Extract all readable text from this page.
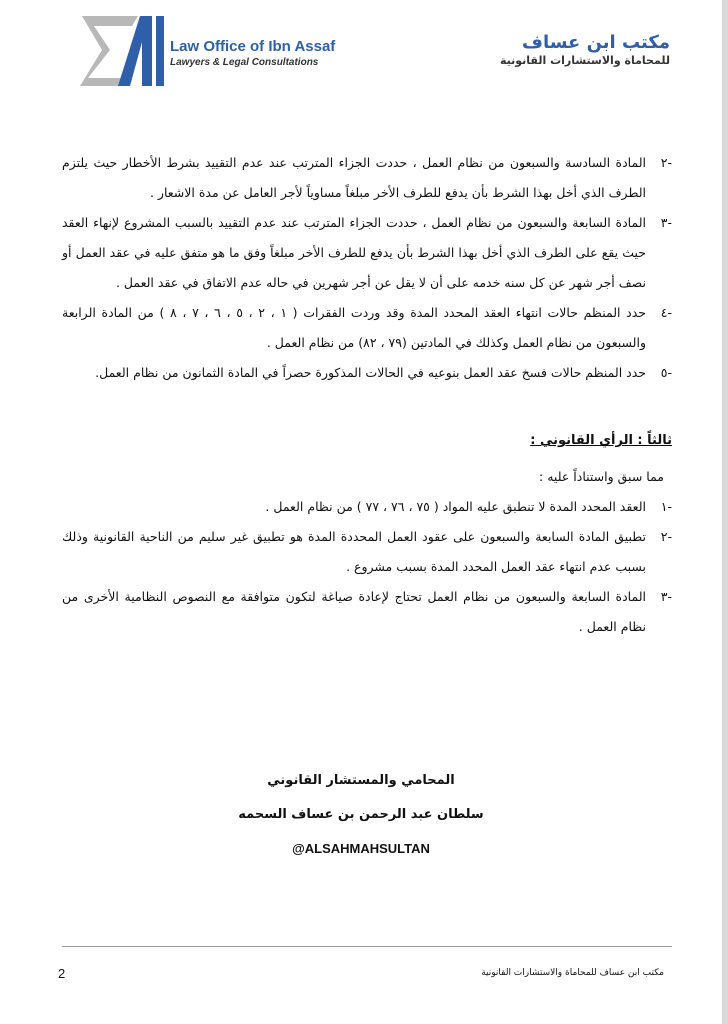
Law Office of Ibn Assaf
Lawyers & Legal Consultations
مكتب ابن عساف
للمحاماة والاستشارات القانونية
-٢
المادة السادسة والسبعون من نظام العمل ، حددت الجزاء المترتب عند عدم التقييد بشرط الأخطار حيث يلتزم الطرف الذي أخل بهذا الشرط بأن يدفع للطرف الأخر مبلغاً مساوياً لأجر العامل عن مدة الاشعار .
-٣
المادة السابعة والسبعون من نظام العمل ، حددت الجزاء المترتب عند عدم التقييد بالسبب المشروع لإنهاء العقد حيث يقع على الطرف الذي أخل بهذا الشرط بأن يدفع للطرف الأخر مبلغاً وفق ما هو متفق عليه في عقد العمل أو نصف أجر شهر عن كل سنه خدمه على أن لا يقل عن أجر شهرين في حاله عدم الاتفاق في عقد العمل .
-٤
حدد المنظم حالات انتهاء العقد المحدد المدة وقد وردت الفقرات ( ١ ، ٢ ، ٥ ، ٦ ، ٧ ، ٨ ) من المادة الرابعة والسبعون من نظام العمل وكذلك في المادتين (٧٩ ، ٨٢) من نظام العمل .
-٥
حدد المنظم حالات فسخ عقد العمل بنوعيه في الحالات المذكورة حصراً في المادة الثمانون من نظام العمل.
ثالثاً : الرأي القانوني :
مما سبق واستناداً عليه :
-١
العقد المحدد المدة لا تنطبق عليه المواد ( ٧٥ ، ٧٦ ، ٧٧ ) من نظام العمل .
-٢
تطبيق المادة السابعة والسبعون على عقود العمل المحددة المدة هو تطبيق غير سليم من الناحية القانونية وذلك بسبب عدم انتهاء عقد العمل المحدد المدة بسبب مشروع .
-٣
المادة السابعة والسبعون من نظام العمل تحتاج لإعادة صياغة لتكون متوافقة مع النصوص النظامية الأخرى من نظام العمل .
المحامي والمستشار القانوني
سلطان عبد الرحمن بن عساف السحمه
@ALSAHMAHSULTAN
2	مكتب ابن عساف للمحاماة والاستشارات القانونية
